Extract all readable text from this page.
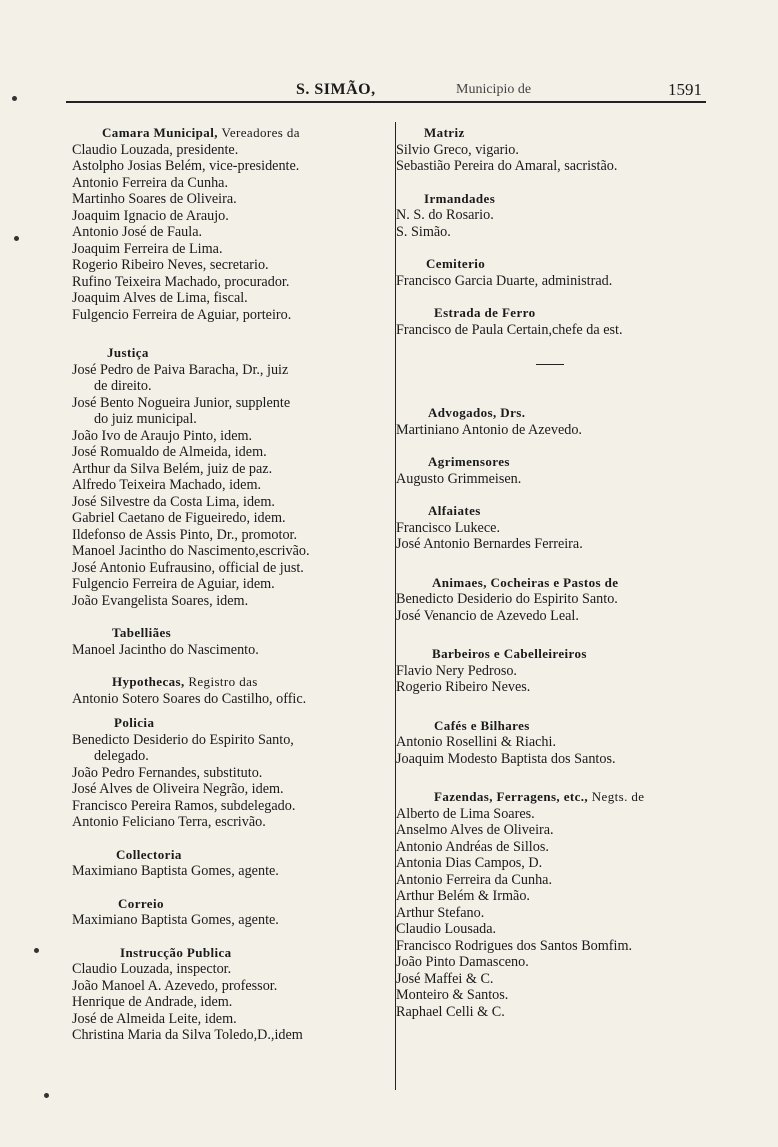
S. SIMÃO,	Municipio de	1591
Camara Municipal, Vereadores da
Claudio Louzada, presidente.
Astolpho Josias Belém, vice-presidente.
Antonio Ferreira da Cunha.
Martinho Soares de Oliveira.
Joaquim Ignacio de Araujo.
Antonio José de Faula.
Joaquim Ferreira de Lima.
Rogerio Ribeiro Neves, secretario.
Rufino Teixeira Machado, procurador.
Joaquim Alves de Lima, fiscal.
Fulgencio Ferreira de Aguiar, porteiro.
Justiça
José Pedro de Paiva Baracha, Dr., juiz
de direito.
José Bento Nogueira Junior, supplente
do juiz municipal.
João Ivo de Araujo Pinto, idem.
José Romualdo de Almeida, idem.
Arthur da Silva Belém, juiz de paz.
Alfredo Teixeira Machado, idem.
José Silvestre da Costa Lima, idem.
Gabriel Caetano de Figueiredo, idem.
Ildefonso de Assis Pinto, Dr., promotor.
Manoel Jacintho do Nascimento,escrivão.
José Antonio Eufrausino, official de just.
Fulgencio Ferreira de Aguiar, idem.
João Evangelista Soares, idem.
Tabelliães
Manoel Jacintho do Nascimento.
Hypothecas, Registro das
Antonio Sotero Soares do Castilho, offic.
Policia
Benedicto Desiderio do Espirito Santo,
delegado.
João Pedro Fernandes, substituto.
José Alves de Oliveira Negrão, idem.
Francisco Pereira Ramos, subdelegado.
Antonio Feliciano Terra, escrivão.
Collectoria
Maximiano Baptista Gomes, agente.
Correio
Maximiano Baptista Gomes, agente.
Instrucção Publica
Claudio Louzada, inspector.
João Manoel A. Azevedo, professor.
Henrique de Andrade, idem.
José de Almeida Leite, idem.
Christina Maria da Silva Toledo,D.,idem
Matriz
Silvio Greco, vigario.
Sebastião Pereira do Amaral, sacristão.
Irmandades
N. S. do Rosario.
S. Simão.
Cemiterio
Francisco Garcia Duarte, administrad.
Estrada de Ferro
Francisco de Paula Certain,chefe da est.
Advogados, Drs.
Martiniano Antonio de Azevedo.
Agrimensores
Augusto Grimmeisen.
Alfaiates
Francisco Lukece.
José Antonio Bernardes Ferreira.
Animaes, Cocheiras e Pastos de
Benedicto Desiderio do Espirito Santo.
José Venancio de Azevedo Leal.
Barbeiros e Cabelleireiros
Flavio Nery Pedroso.
Rogerio Ribeiro Neves.
Cafés e Bilhares
Antonio Rosellini & Riachi.
Joaquim Modesto Baptista dos Santos.
Fazendas, Ferragens, etc., Negts. de
Alberto de Lima Soares.
Anselmo Alves de Oliveira.
Antonio Andréas de Sillos.
Antonia Dias Campos, D.
Antonio Ferreira da Cunha.
Arthur Belém & Irmão.
Arthur Stefano.
Claudio Lousada.
Francisco Rodrigues dos Santos Bomfim.
João Pinto Damasceno.
José Maffei & C.
Monteiro & Santos.
Raphael Celli & C.
